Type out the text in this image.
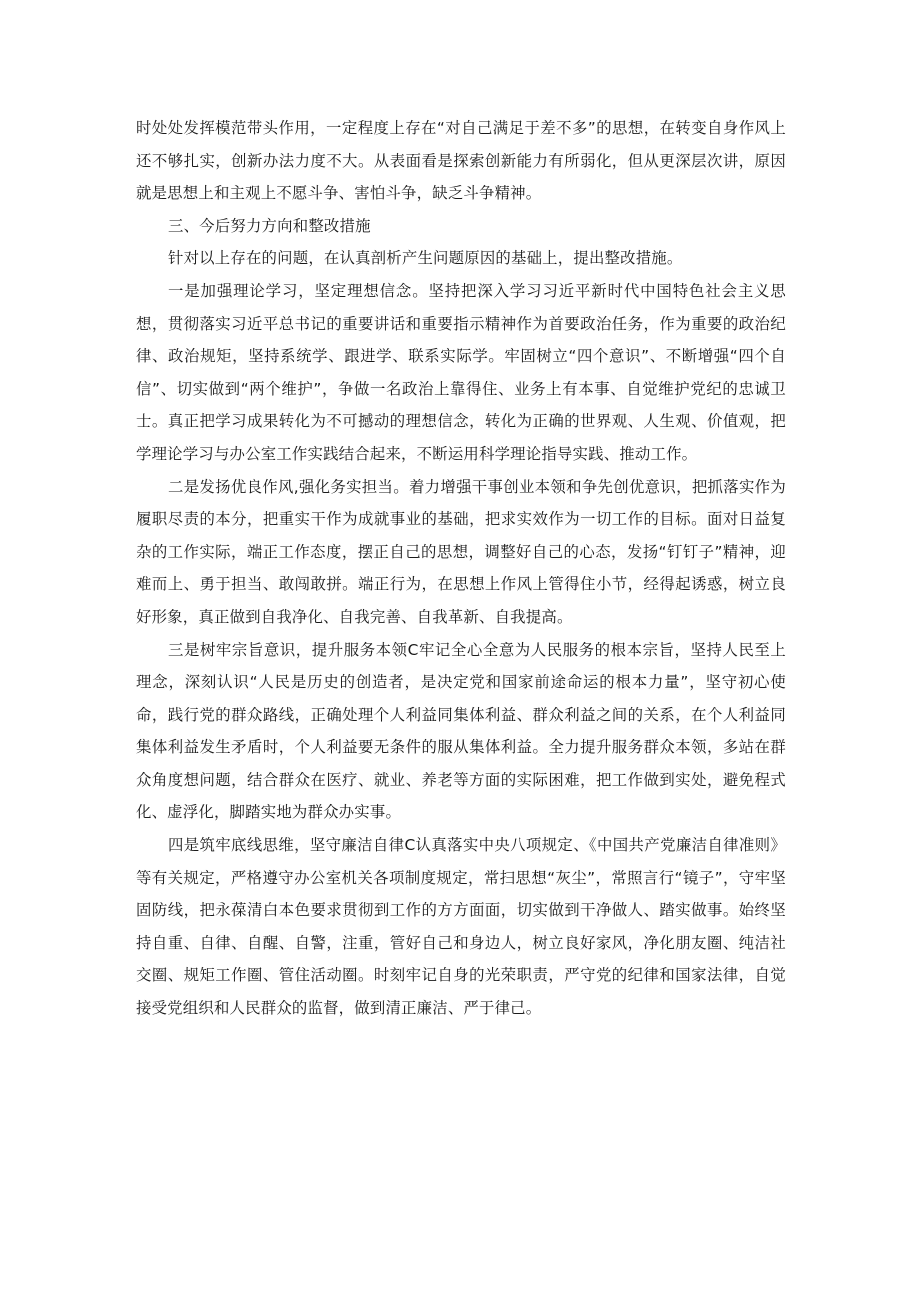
时处处发挥模范带头作用，一定程度上存在“对自己满足于差不多”的思想，在转变自身作风上还不够扎实，创新办法力度不大。从表面看是探索创新能力有所弱化，但从更深层次讲，原因就是思想上和主观上不愿斗争、害怕斗争，缺乏斗争精神。

三、今后努力方向和整改措施

针对以上存在的问题，在认真剖析产生问题原因的基础上，提出整改措施。

一是加强理论学习，坚定理想信念。坚持把深入学习习近平新时代中国特色社会主义思想，贯彻落实习近平总书记的重要讲话和重要指示精神作为首要政治任务，作为重要的政治纪律、政治规矩，坚持系统学、跟进学、联系实际学。牢固树立“四个意识”、不断增强“四个自信”、切实做到“两个维护”，争做一名政治上靠得住、业务上有本事、自觉维护党纪的忠诚卫士。真正把学习成果转化为不可撼动的理想信念，转化为正确的世界观、人生观、价值观，把学理论学习与办公室工作实践结合起来，不断运用科学理论指导实践、推动工作。

二是发扬优良作风,强化务实担当。着力增强干事创业本领和争先创优意识，把抓落实作为履职尽责的本分，把重实干作为成就事业的基础，把求实效作为一切工作的目标。面对日益复杂的工作实际，端正工作态度，摆正自己的思想，调整好自己的心态，发扬“钉钉子”精神，迎难而上、勇于担当、敢闯敢拼。端正行为，在思想上作风上管得住小节，经得起诱惑，树立良好形象，真正做到自我净化、自我完善、自我革新、自我提高。

三是树牢宗旨意识，提升服务本领C牢记全心全意为人民服务的根本宗旨，坚持人民至上理念，深刻认识“人民是历史的创造者，是决定党和国家前途命运的根本力量”，坚守初心使命，践行党的群众路线，正确处理个人利益同集体利益、群众利益之间的关系，在个人利益同集体利益发生矛盾时，个人利益要无条件的服从集体利益。全力提升服务群众本领，多站在群众角度想问题，结合群众在医疗、就业、养老等方面的实际困难，把工作做到实处，避免程式化、虚浮化，脚踏实地为群众办实事。

四是筑牢底线思维，坚守廉洁自律C认真落实中央八项规定、《中国共产党廉洁自律准则》等有关规定，严格遵守办公室机关各项制度规定，常扫思想“灰尘”，常照言行“镜子”，守牢坚固防线，把永葆清白本色要求贯彻到工作的方方面面，切实做到干净做人、踏实做事。始终坚持自重、自律、自醒、自警，注重，管好自己和身边人，树立良好家风，净化朋友圈、纯洁社交圈、规矩工作圈、管住活动圈。时刻牢记自身的光荣职责，严守党的纪律和国家法律，自觉接受党组织和人民群众的监督，做到清正廉洁、严于律己。
